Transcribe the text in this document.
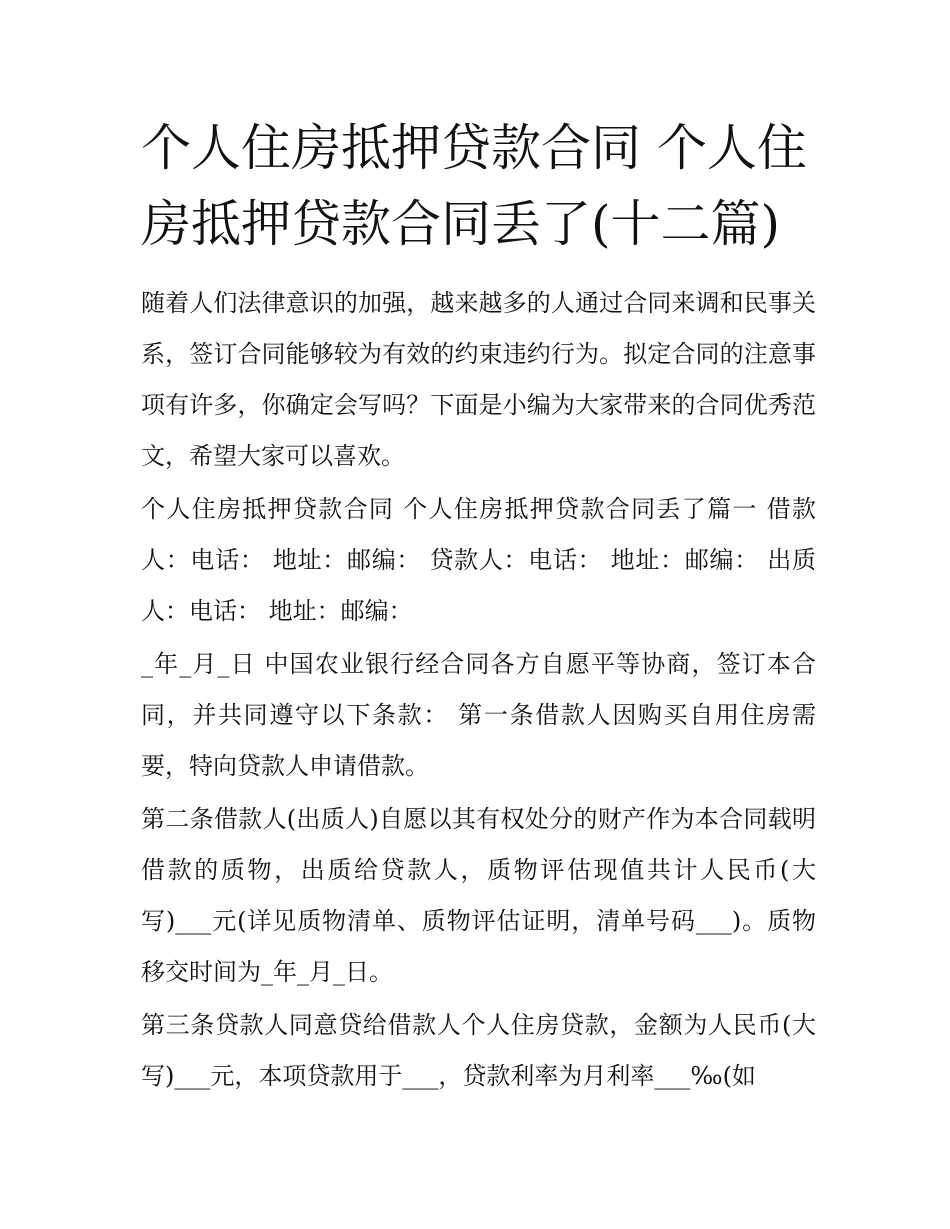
个人住房抵押贷款合同 个人住房抵押贷款合同丢了(十二篇)

随着人们法律意识的加强，越来越多的人通过合同来调和民事关系，签订合同能够较为有效的约束违约行为。拟定合同的注意事项有许多，你确定会写吗？下面是小编为大家带来的合同优秀范文，希望大家可以喜欢。

个人住房抵押贷款合同 个人住房抵押贷款合同丢了篇一 借款人：电话： 地址：邮编： 贷款人：电话： 地址：邮编： 出质人：电话： 地址：邮编：

_年_月_日 中国农业银行经合同各方自愿平等协商，签订本合同，并共同遵守以下条款： 第一条借款人因购买自用住房需要，特向贷款人申请借款。

第二条借款人(出质人)自愿以其有权处分的财产作为本合同载明借款的质物，出质给贷款人，质物评估现值共计人民币(大写)___元(详见质物清单、质物评估证明，清单号码___)。质物移交时间为_年_月_日。

第三条贷款人同意贷给借款人个人住房贷款，金额为人民币(大写)___元，本项贷款用于___，贷款利率为月利率___‰(如
